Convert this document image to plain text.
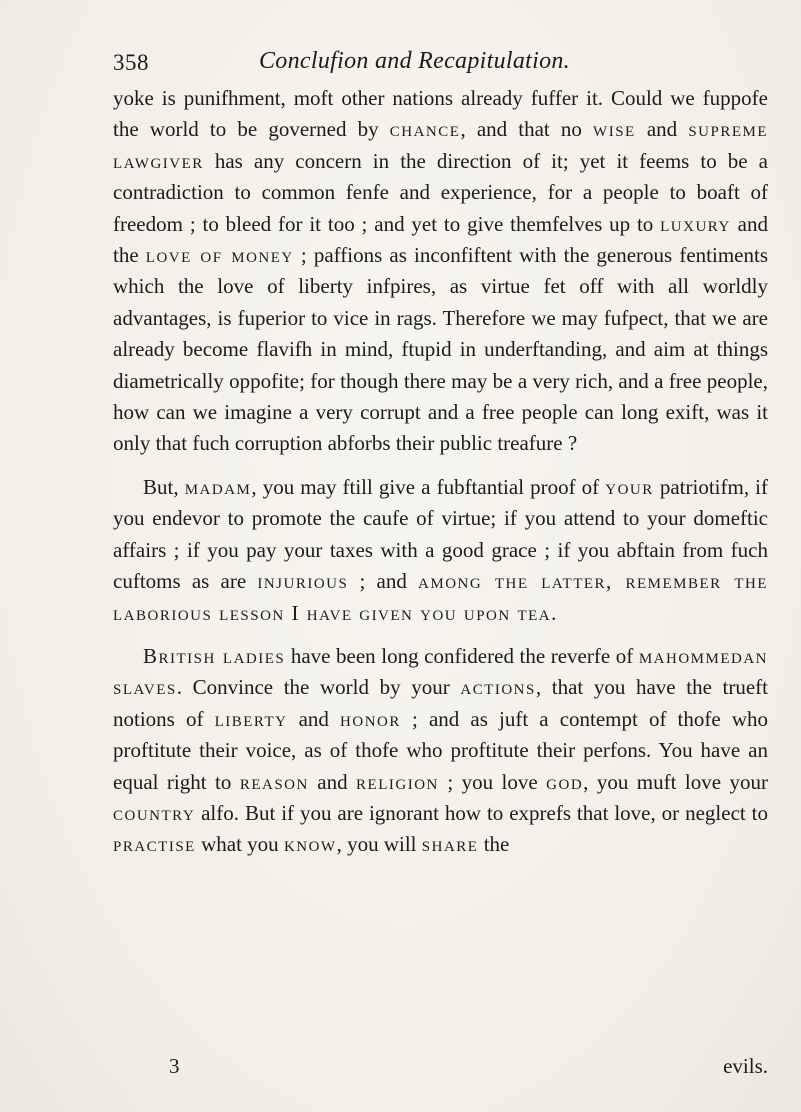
358	Conclufion and Recapitulation.

yoke is punifhment, moft other nations already fuffer it. Could we fuppofe the world to be governed by chance, and that no wise and supreme lawgiver has any concern in the direction of it; yet it feems to be a contradiction to common fenfe and experience, for a people to boaft of freedom ; to bleed for it too ; and yet to give themfelves up to luxury and the love of money ; paffions as inconfiftent with the generous fentiments which the love of liberty infpires, as virtue fet off with all worldly advantages, is fuperior to vice in rags. Therefore we may fufpect, that we are already become flavifh in mind, ftupid in underftanding, and aim at things diametrically oppofite; for though there may be a very rich, and a free people, how can we imagine a very corrupt and a free people can long exift, was it only that fuch corruption abforbs their public treafure ?

But, madam, you may ftill give a fubftantial proof of your patriotifm, if you endevor to promote the caufe of virtue; if you attend to your domeftic affairs ; if you pay your taxes with a good grace ; if you abftain from fuch cuftoms as are injurious ; and among the latter, remember the laborious lesson I have given you upon tea.

British ladies have been long confidered the reverfe of mahommedan slaves. Convince the world by your actions, that you have the trueft notions of liberty and honor ; and as juft a contempt of thofe who proftitute their voice, as of thofe who proftitute their perfons. You have an equal right to reason and religion ; you love god, you muft love your country alfo. But if you are ignorant how to exprefs that love, or neglect to practise what you know, you will share the

3	evils.
